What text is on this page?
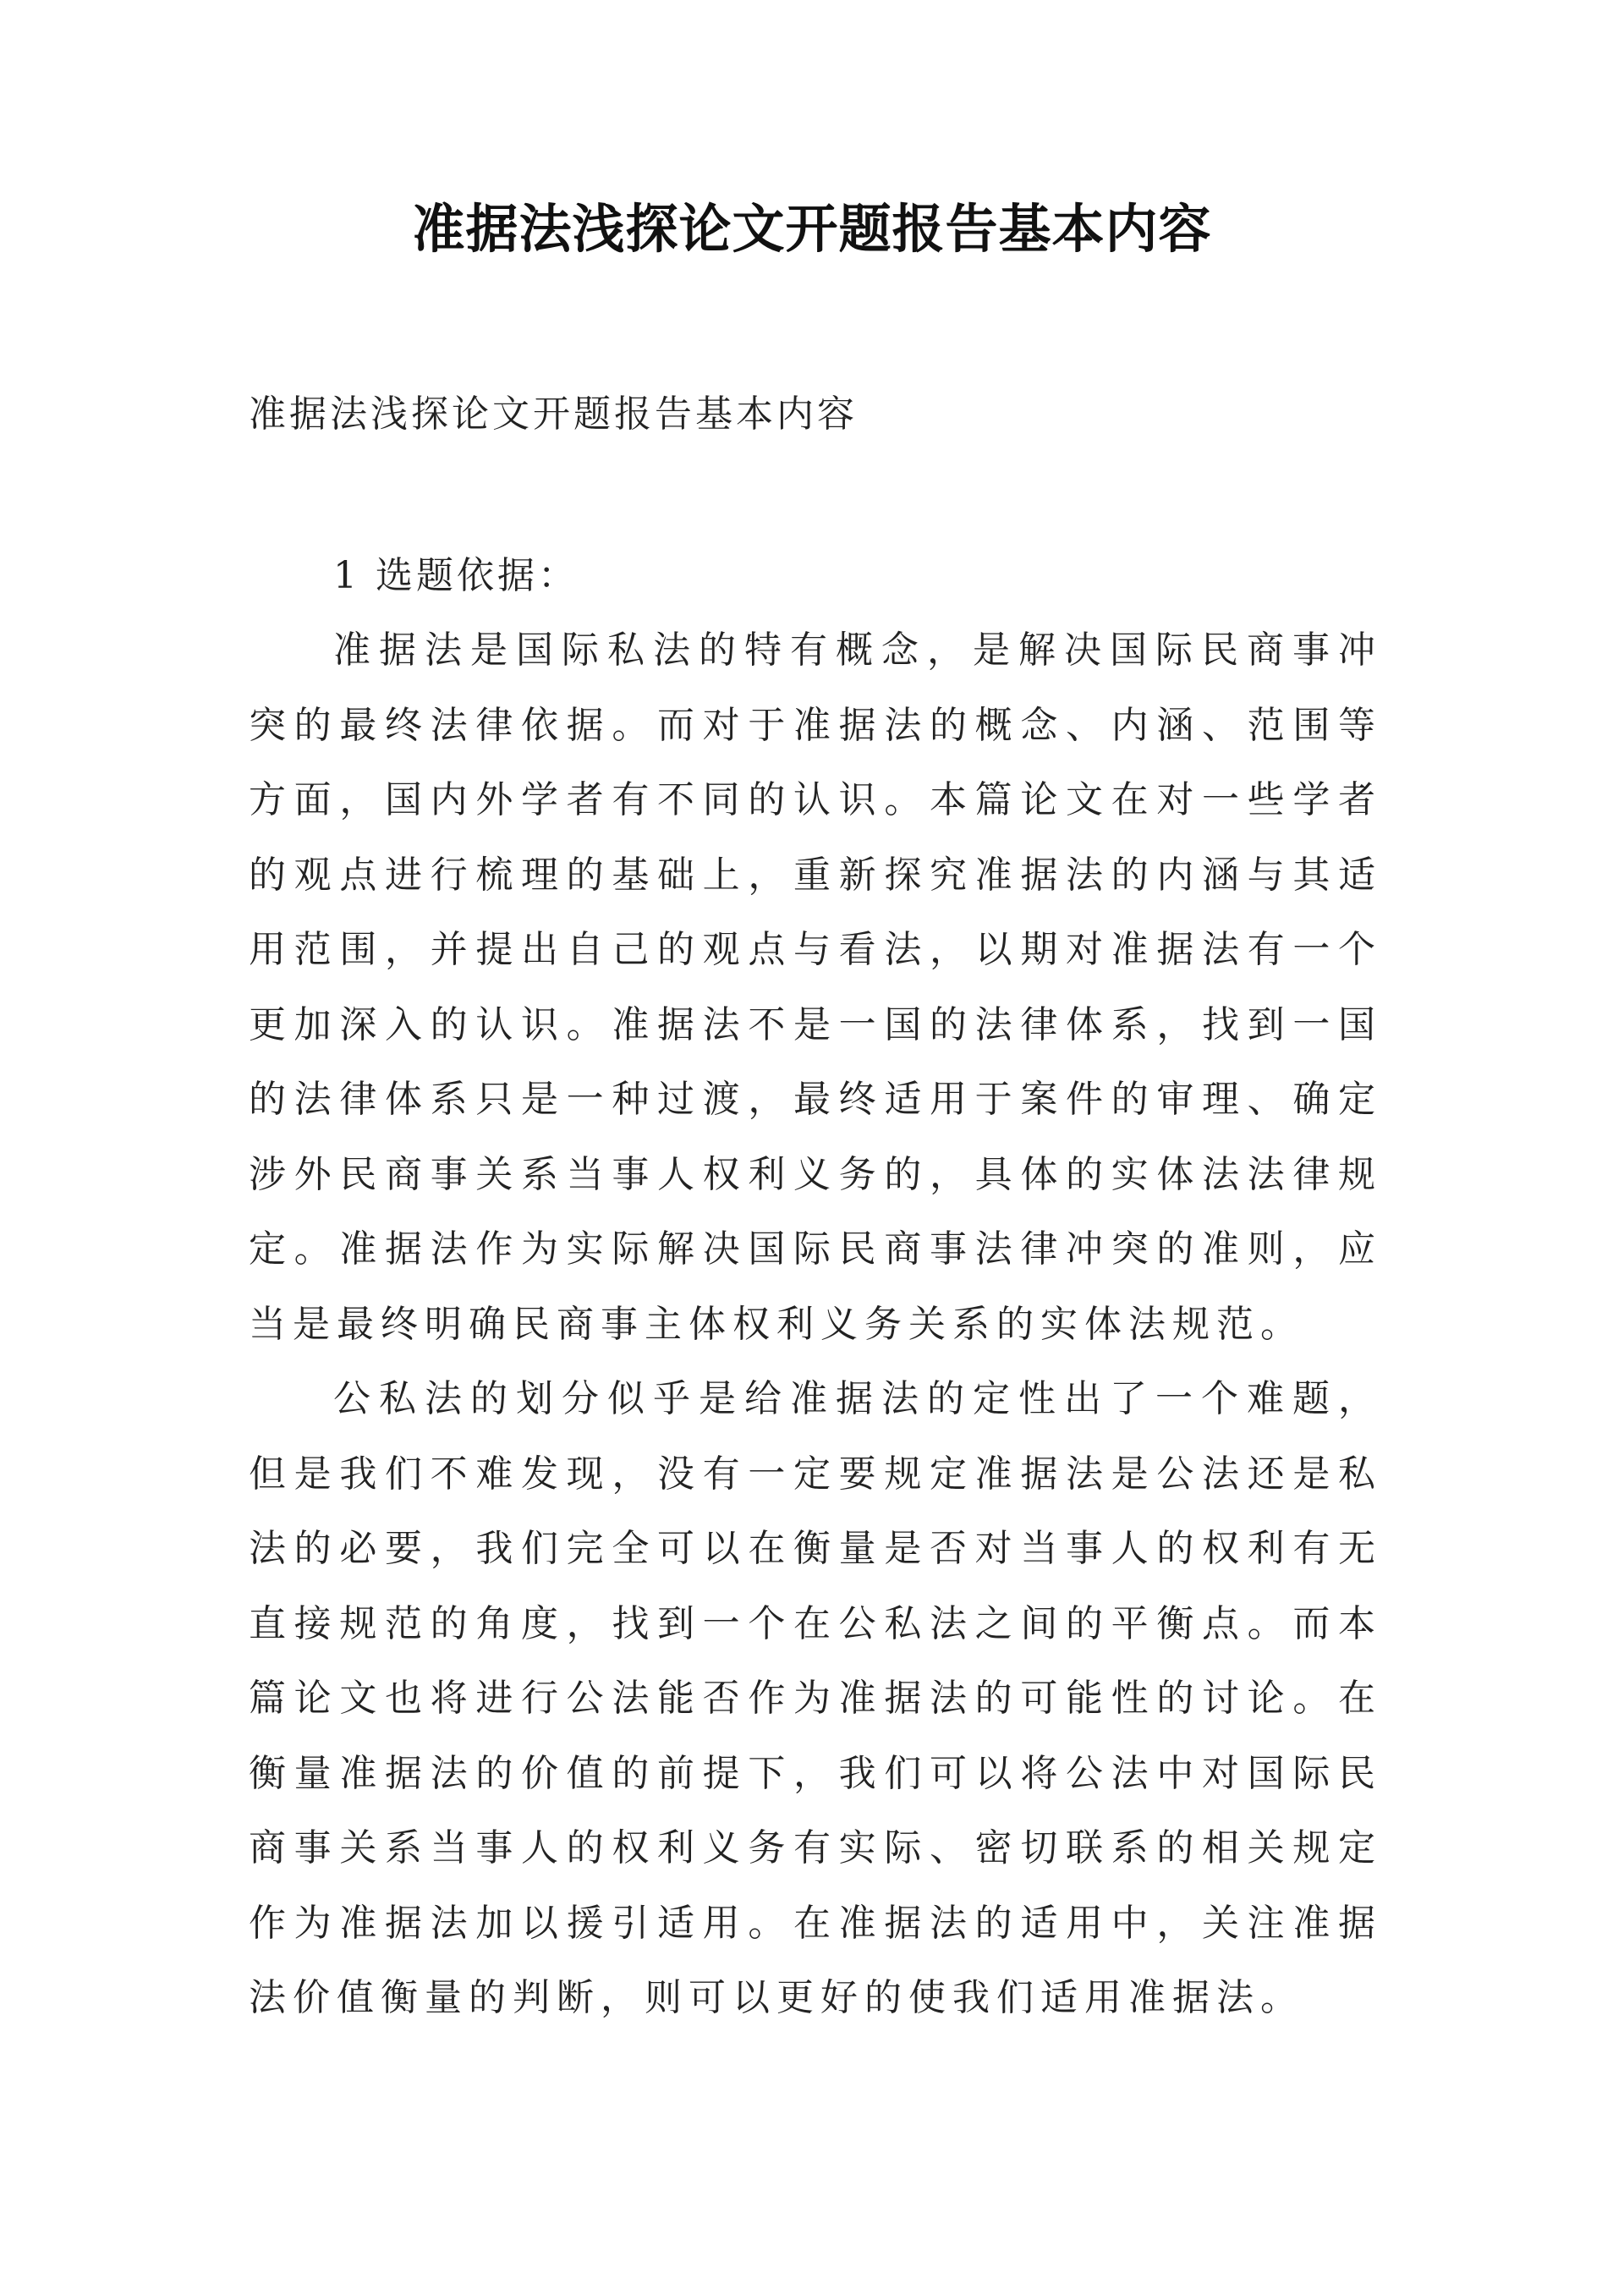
准据法浅探论文开题报告基本内容

准据法浅探论文开题报告基本内容

1 选题依据：

准据法是国际私法的特有概念，是解决国际民商事冲突的最终法律依据。而对于准据法的概念、内涵、范围等方面，国内外学者有不同的认识。本篇论文在对一些学者的观点进行梳理的基础上，重新探究准据法的内涵与其适用范围，并提出自己的观点与看法，以期对准据法有一个更加深入的认识。准据法不是一国的法律体系，找到一国的法律体系只是一种过渡，最终适用于案件的审理、确定涉外民商事关系当事人权利义务的，具体的实体法法律规定。准据法作为实际解决国际民商事法律冲突的准则，应当是最终明确民商事主体权利义务关系的实体法规范。

公私法的划分似乎是给准据法的定性出了一个难题，但是我们不难发现，没有一定要规定准据法是公法还是私法的必要，我们完全可以在衡量是否对当事人的权利有无直接规范的角度，找到一个在公私法之间的平衡点。而本篇论文也将进行公法能否作为准据法的可能性的讨论。在衡量准据法的价值的前提下，我们可以将公法中对国际民商事关系当事人的权利义务有实际、密切联系的相关规定作为准据法加以援引适用。在准据法的适用中，关注准据法价值衡量的判断，则可以更好的使我们适用准据法。
